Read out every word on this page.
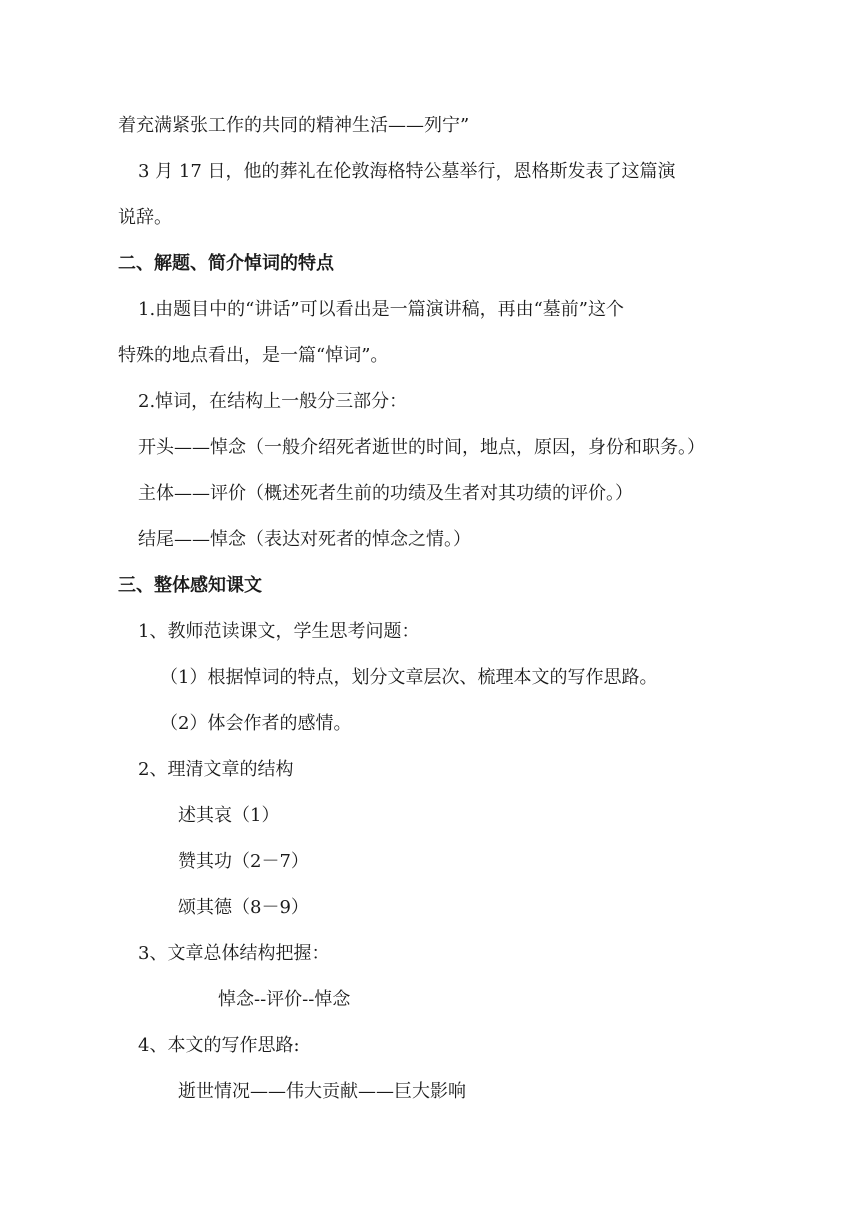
着充满紧张工作的共同的精神生活——列宁”
3 月 17 日，他的葬礼在伦敦海格特公墓举行，恩格斯发表了这篇演
说辞。
二、解题、简介悼词的特点
1.由题目中的“讲话”可以看出是一篇演讲稿，再由“墓前”这个
特殊的地点看出，是一篇“悼词”。
2.悼词，在结构上一般分三部分：
开头——悼念（一般介绍死者逝世的时间，地点，原因，身份和职务。）
主体——评价（概述死者生前的功绩及生者对其功绩的评价。）
结尾——悼念（表达对死者的悼念之情。）
三、整体感知课文
1、教师范读课文，学生思考问题：
（1）根据悼词的特点，划分文章层次、梳理本文的写作思路。
（2）体会作者的感情。
2、理清文章的结构
述其哀（1）
赞其功（2－7）
颂其德（8－9）
3、文章总体结构把握：
悼念--评价--悼念
4、本文的写作思路:
逝世情况——伟大贡献——巨大影响
